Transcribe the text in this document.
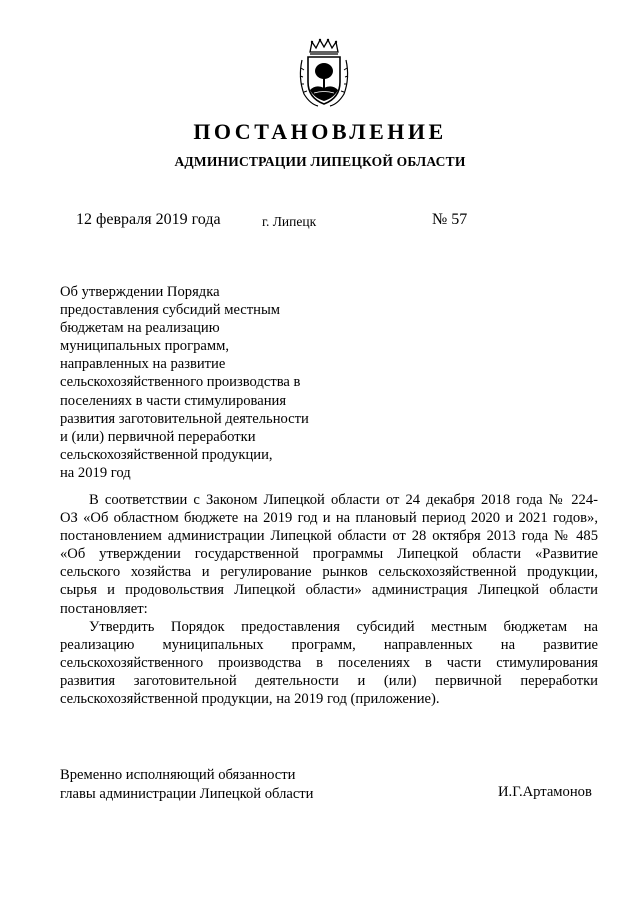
ПОСТАНОВЛЕНИЕ
АДМИНИСТРАЦИИ ЛИПЕЦКОЙ ОБЛАСТИ
12 февраля 2019 года	г. Липецк	№ 57
Об утверждении Порядка
предоставления субсидий местным
бюджетам на реализацию
муниципальных программ,
направленных на развитие
сельскохозяйственного производства в
поселениях в части стимулирования
развития заготовительной деятельности
и (или) первичной переработки
сельскохозяйственной продукции,
на 2019 год
В соответствии с Законом Липецкой области от 24 декабря 2018 года № 224-
ОЗ «Об областном бюджете на 2019 год и на плановый период 2020 и 2021 годов»,
постановлением администрации Липецкой области от 28 октября 2013 года № 485
«Об утверждении государственной программы Липецкой области «Развитие
сельского хозяйства и регулирование рынков сельскохозяйственной продукции,
сырья и продовольствия Липецкой области» администрация Липецкой области
постановляет:
Утвердить Порядок предоставления субсидий местным бюджетам на
реализацию муниципальных программ, направленных на развитие
сельскохозяйственного производства в поселениях в части стимулирования
развития заготовительной деятельности и (или) первичной переработки
сельскохозяйственной продукции, на 2019 год (приложение).
Временно исполняющий обязанности
главы администрации Липецкой области	И.Г.Артамонов
